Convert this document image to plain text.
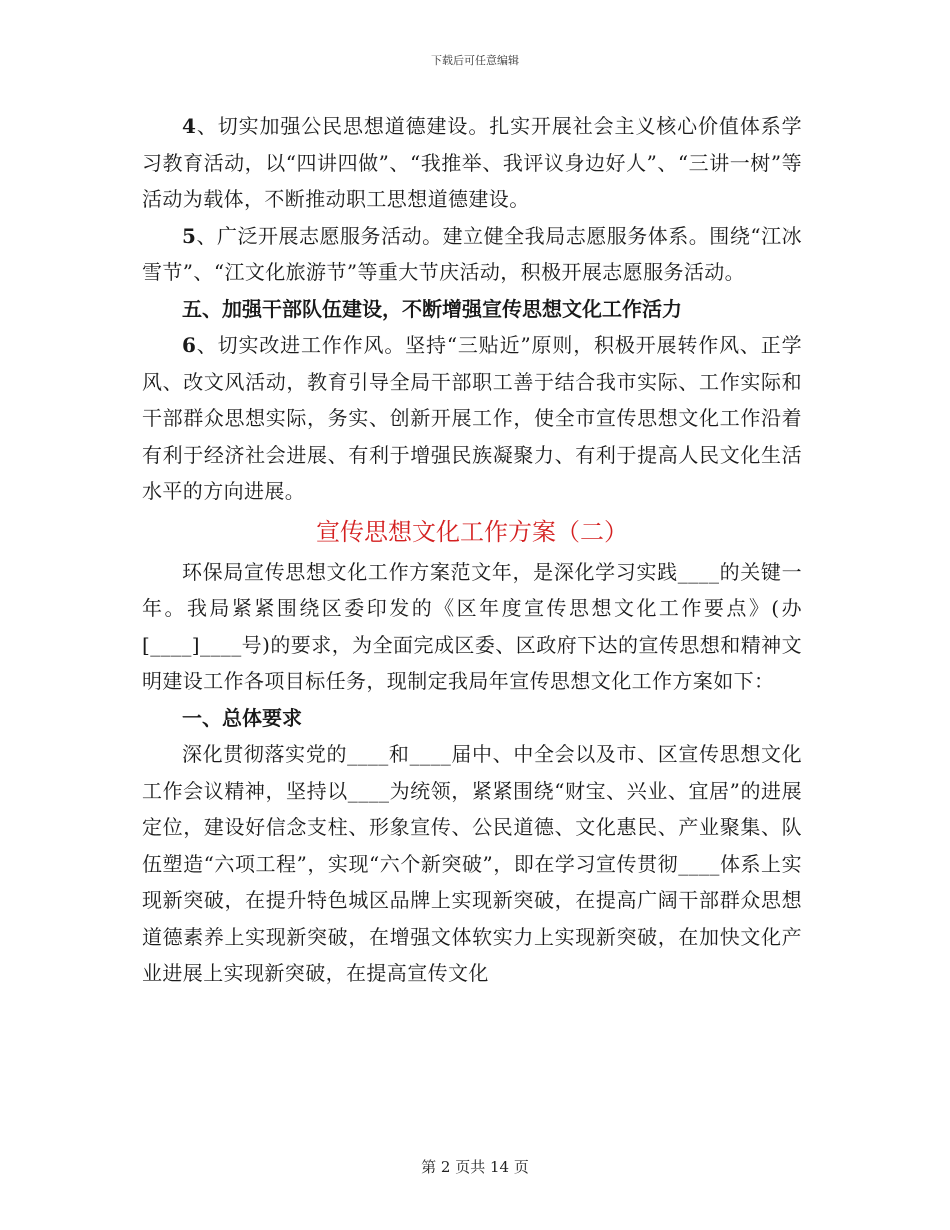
下载后可任意编辑

4、切实加强公民思想道德建设。扎实开展社会主义核心价值体系学习教育活动，以“四讲四做”、“我推举、我评议身边好人”、“三讲一树”等活动为载体，不断推动职工思想道德建设。

5、广泛开展志愿服务活动。建立健全我局志愿服务体系。围绕“江冰雪节”、“江文化旅游节”等重大节庆活动，积极开展志愿服务活动。

五、加强干部队伍建设，不断增强宣传思想文化工作活力

6、切实改进工作作风。坚持“三贴近”原则，积极开展转作风、正学风、改文风活动，教育引导全局干部职工善于结合我市实际、工作实际和干部群众思想实际，务实、创新开展工作，使全市宣传思想文化工作沿着有利于经济社会进展、有利于增强民族凝聚力、有利于提高人民文化生活水平的方向进展。

宣传思想文化工作方案（二）

环保局宣传思想文化工作方案范文年，是深化学习实践____的关键一年。我局紧紧围绕区委印发的《区年度宣传思想文化工作要点》(办[____]____号)的要求，为全面完成区委、区政府下达的宣传思想和精神文明建设工作各项目标任务，现制定我局年宣传思想文化工作方案如下：

一、总体要求

深化贯彻落实党的____和____届中、中全会以及市、区宣传思想文化工作会议精神，坚持以____为统领，紧紧围绕“财宝、兴业、宜居”的进展定位，建设好信念支柱、形象宣传、公民道德、文化惠民、产业聚集、队伍塑造“六项工程”，实现“六个新突破”，即在学习宣传贯彻____体系上实现新突破，在提升特色城区品牌上实现新突破，在提高广阔干部群众思想道德素养上实现新突破，在增强文体软实力上实现新突破，在加快文化产业进展上实现新突破，在提高宣传文化

第 2 页共 14 页
